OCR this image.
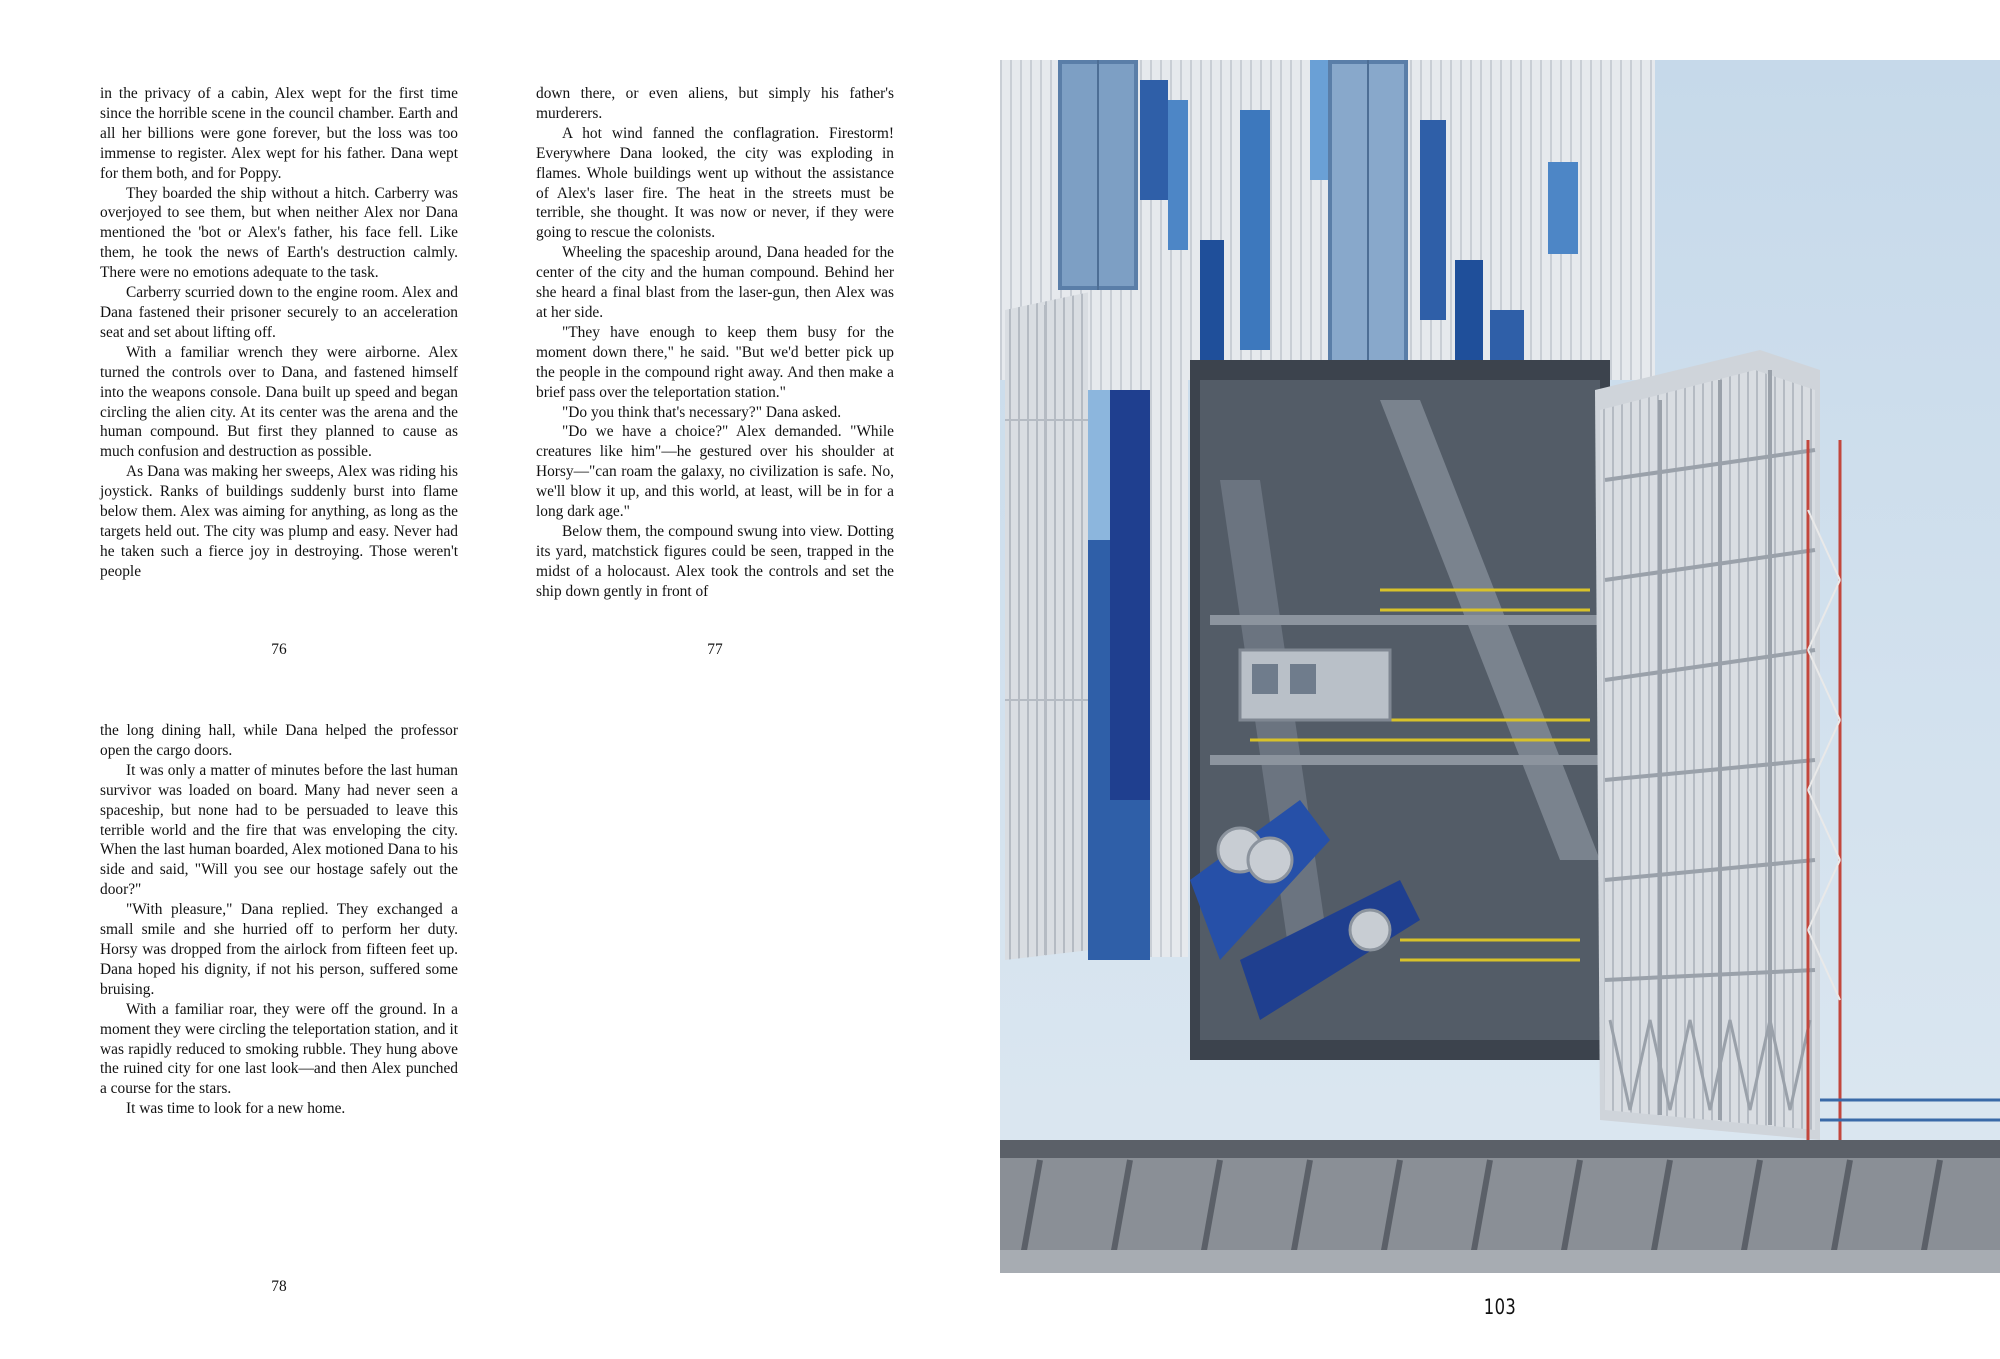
in the privacy of a cabin, Alex wept for the first time since the horrible scene in the council chamber. Earth and all her billions were gone forever, but the loss was too immense to register. Alex wept for his father. Dana wept for them both, and for Poppy.

They boarded the ship without a hitch. Carberry was overjoyed to see them, but when neither Alex nor Dana mentioned the 'bot or Alex's father, his face fell. Like them, he took the news of Earth's destruction calmly. There were no emotions adequate to the task.

Carberry scurried down to the engine room. Alex and Dana fastened their prisoner securely to an acceleration seat and set about lifting off.

With a familiar wrench they were airborne. Alex turned the controls over to Dana, and fastened himself into the weapons console. Dana built up speed and began circling the alien city. At its center was the arena and the human compound. But first they planned to cause as much confusion and destruction as possible.

As Dana was making her sweeps, Alex was riding his joystick. Ranks of buildings suddenly burst into flame below them. Alex was aiming for anything, as long as the targets held out. The city was plump and easy. Never had he taken such a fierce joy in destroying. Those weren't people

76

down there, or even aliens, but simply his father's murderers.

A hot wind fanned the conflagration. Firestorm! Everywhere Dana looked, the city was exploding in flames. Whole buildings went up without the assistance of Alex's laser fire. The heat in the streets must be terrible, she thought. It was now or never, if they were going to rescue the colonists.

Wheeling the spaceship around, Dana headed for the center of the city and the human compound. Behind her she heard a final blast from the laser-gun, then Alex was at her side.

"They have enough to keep them busy for the moment down there," he said. "But we'd better pick up the people in the compound right away. And then make a brief pass over the teleportation station."

"Do you think that's necessary?" Dana asked.

"Do we have a choice?" Alex demanded. "While creatures like him"—he gestured over his shoulder at Horsy—"can roam the galaxy, no civilization is safe. No, we'll blow it up, and this world, at least, will be in for a long dark age."

Below them, the compound swung into view. Dotting its yard, matchstick figures could be seen, trapped in the midst of a holocaust. Alex took the controls and set the ship down gently in front of

77

the long dining hall, while Dana helped the professor open the cargo doors.

It was only a matter of minutes before the last human survivor was loaded on board. Many had never seen a spaceship, but none had to be persuaded to leave this terrible world and the fire that was enveloping the city. When the last human boarded, Alex motioned Dana to his side and said, "Will you see our hostage safely out the door?"

"With pleasure," Dana replied. They exchanged a small smile and she hurried off to perform her duty. Horsy was dropped from the airlock from fifteen feet up. Dana hoped his dignity, if not his person, suffered some bruising.

With a familiar roar, they were off the ground. In a moment they were circling the teleportation station, and it was rapidly reduced to smoking rubble. They hung above the ruined city for one last look—and then Alex punched a course for the stars.

It was time to look for a new home.

78
103
